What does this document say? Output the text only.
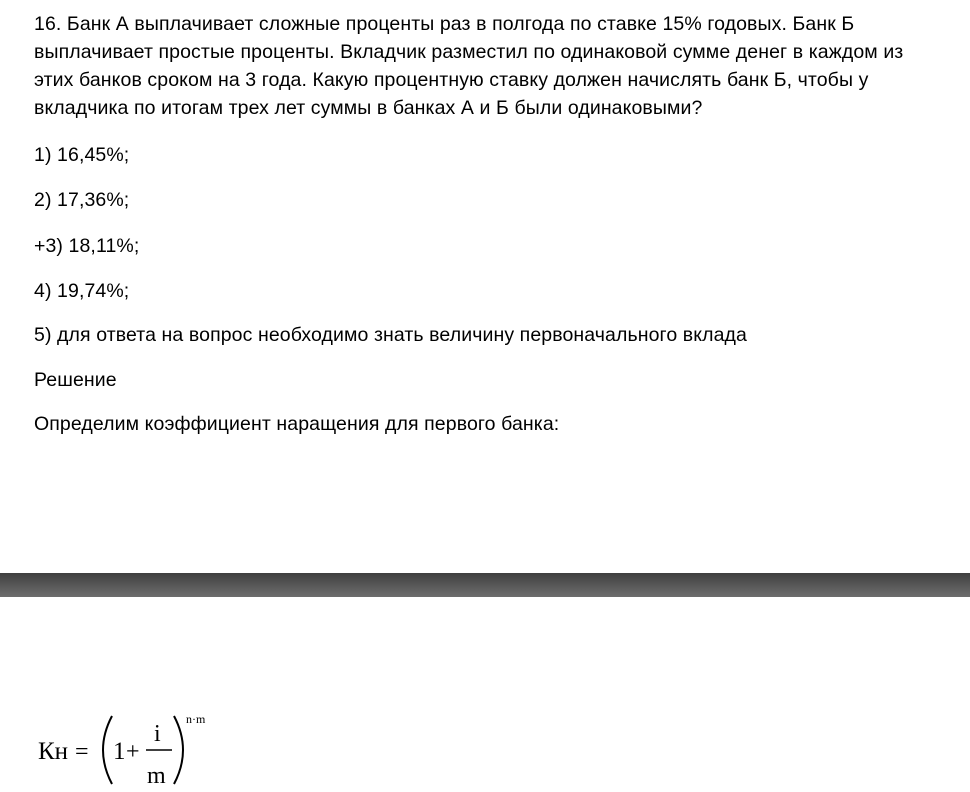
16. Банк А выплачивает сложные проценты раз в полгода по ставке 15% годовых. Банк Б выплачивает простые проценты. Вкладчик разместил по одинаковой сумме денег в каждом из этих банков сроком на 3 года. Какую процентную ставку должен начислять банк Б, чтобы у вкладчика по итогам трех лет суммы в банках А и Б были одинаковыми?
1) 16,45%;
2) 17,36%;
+3) 18,11%;
4) 19,74%;
5) для ответа на вопрос необходимо знать величину первоначального вклада
Решение
Определим коэффициент наращения для первого банка:
Кн = 1 +
i
m
n·m
